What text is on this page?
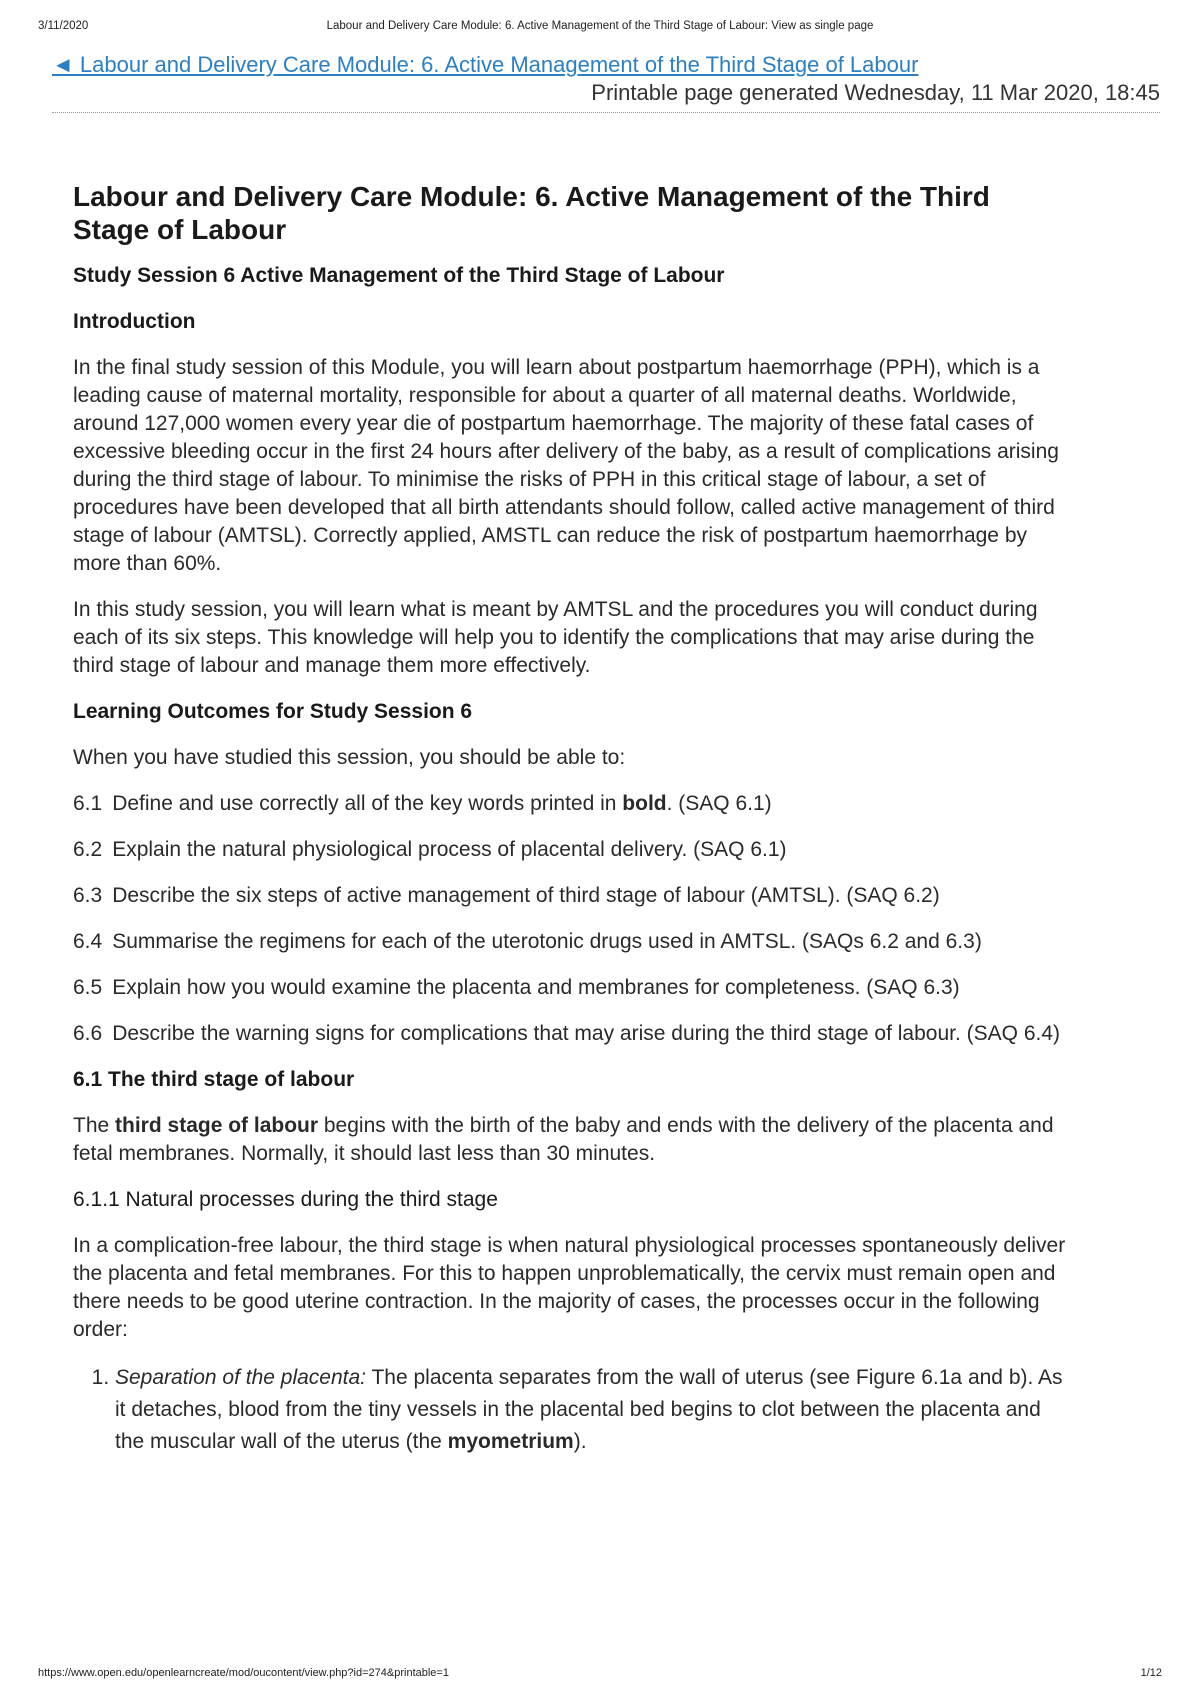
3/11/2020	Labour and Delivery Care Module: 6. Active Management of the Third Stage of Labour: View as single page
◄ Labour and Delivery Care Module: 6. Active Management of the Third Stage of Labour
Printable page generated Wednesday, 11 Mar 2020, 18:45
Labour and Delivery Care Module: 6. Active Management of the Third Stage of Labour
Study Session 6 Active Management of the Third Stage of Labour
Introduction

In the final study session of this Module, you will learn about postpartum haemorrhage (PPH), which is a leading cause of maternal mortality, responsible for about a quarter of all maternal deaths. Worldwide, around 127,000 women every year die of postpartum haemorrhage. The majority of these fatal cases of excessive bleeding occur in the first 24 hours after delivery of the baby, as a result of complications arising during the third stage of labour. To minimise the risks of PPH in this critical stage of labour, a set of procedures have been developed that all birth attendants should follow, called active management of third stage of labour (AMTSL). Correctly applied, AMSTL can reduce the risk of postpartum haemorrhage by more than 60%.

In this study session, you will learn what is meant by AMTSL and the procedures you will conduct during each of its six steps. This knowledge will help you to identify the complications that may arise during the third stage of labour and manage them more effectively.

Learning Outcomes for Study Session 6

When you have studied this session, you should be able to:

6.1 Define and use correctly all of the key words printed in bold. (SAQ 6.1)
6.2 Explain the natural physiological process of placental delivery. (SAQ 6.1)
6.3 Describe the six steps of active management of third stage of labour (AMTSL). (SAQ 6.2)
6.4 Summarise the regimens for each of the uterotonic drugs used in AMTSL. (SAQs 6.2 and 6.3)
6.5 Explain how you would examine the placenta and membranes for completeness. (SAQ 6.3)
6.6 Describe the warning signs for complications that may arise during the third stage of labour. (SAQ 6.4)
6.1 The third stage of labour

The third stage of labour begins with the birth of the baby and ends with the delivery of the placenta and fetal membranes. Normally, it should last less than 30 minutes.

6.1.1 Natural processes during the third stage

In a complication-free labour, the third stage is when natural physiological processes spontaneously deliver the placenta and fetal membranes. For this to happen unproblematically, the cervix must remain open and there needs to be good uterine contraction. In the majority of cases, the processes occur in the following order:

1. Separation of the placenta: The placenta separates from the wall of uterus (see Figure 6.1a and b). As it detaches, blood from the tiny vessels in the placental bed begins to clot between the placenta and the muscular wall of the uterus (the myometrium).
https://www.open.edu/openlearncreate/mod/oucontent/view.php?id=274&printable=1	1/12
